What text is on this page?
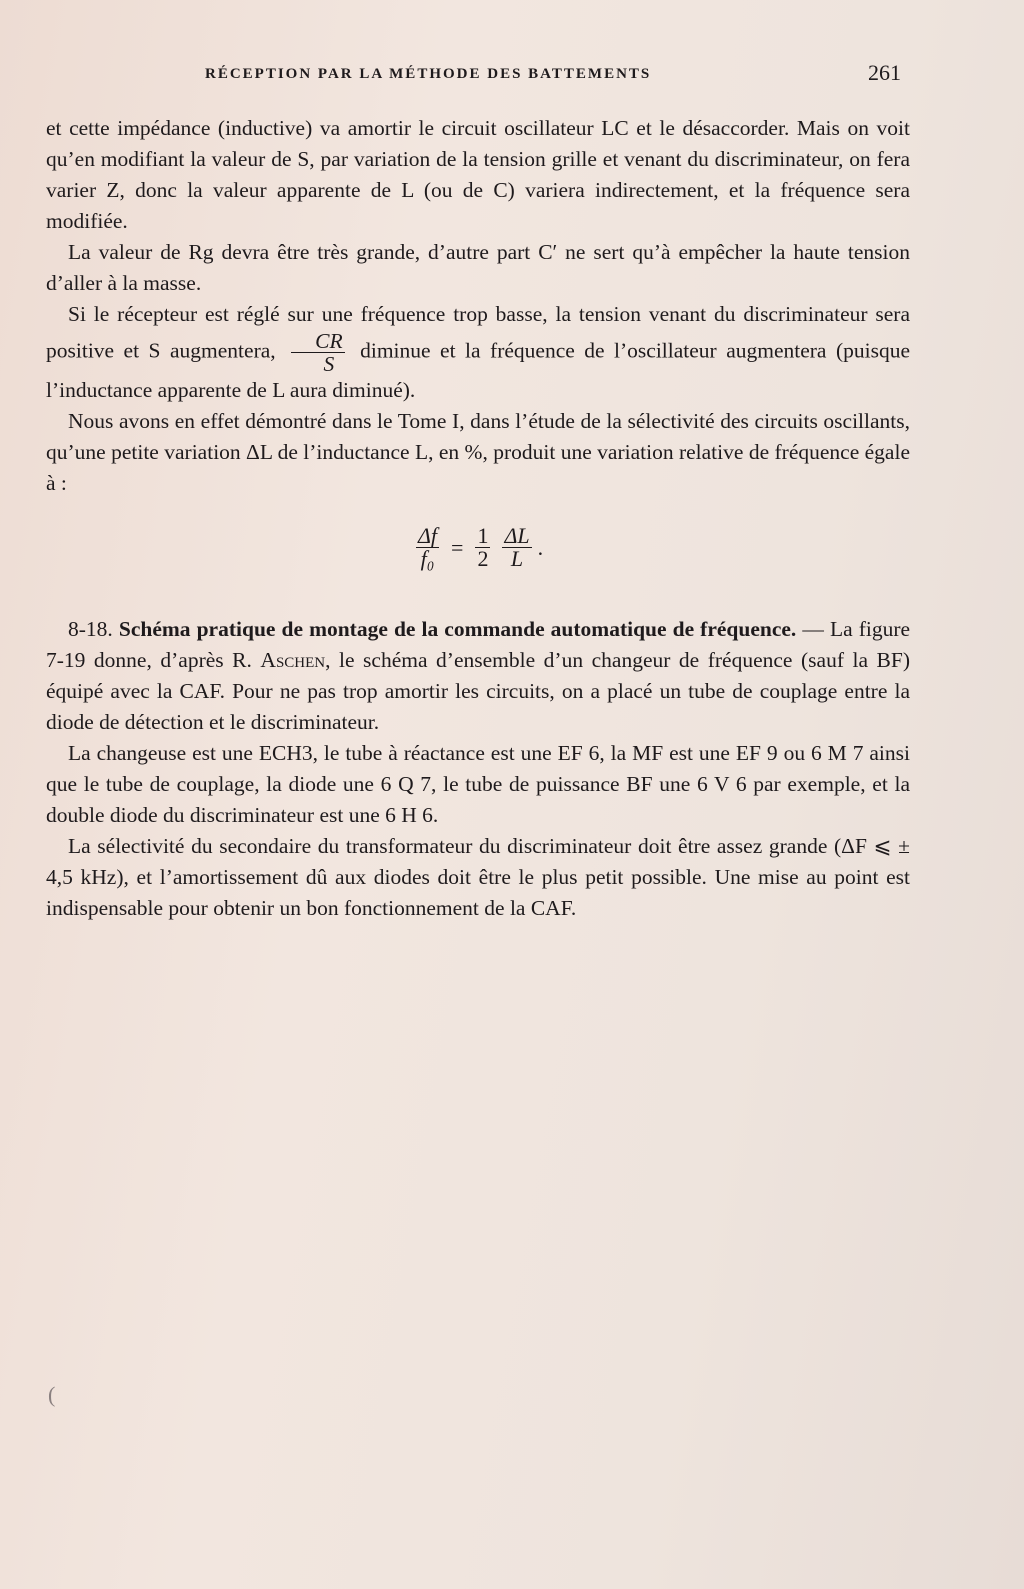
RÉCEPTION PAR LA MÉTHODE DES BATTEMENTS	261

et cette impédance (inductive) va amortir le circuit oscillateur LC et le désaccorder. Mais on voit qu’en modifiant la valeur de S, par variation de la tension grille et venant du discriminateur, on fera varier Z, donc la valeur apparente de L (ou de C) variera indirectement, et la fréquence sera modifiée.

La valeur de Rg devra être très grande, d’autre part C′ ne sert qu’à empêcher la haute tension d’aller à la masse.

Si le récepteur est réglé sur une fréquence trop basse, la tension venant du discriminateur sera positive et S augmentera, $\frac{CR}{S}$ diminue et la fréquence de l’oscillateur augmentera (puisque l’inductance apparente de L aura diminué).

Nous avons en effet démontré dans le Tome I, dans l’étude de la sélectivité des circuits oscillants, qu’une petite variation ΔL de l’inductance L, en %, produit une variation relative de fréquence égale à :

$\frac{\Delta f}{\text{f₀}} = \frac{1}{2} \frac{\Delta L}{L}$ .

8-18. Schéma pratique de montage de la commande automatique de fréquence. — La figure 7-19 donne, d’après R. Aschen, le schéma d’ensemble d’un changeur de fréquence (sauf la BF) équipé avec la CAF. Pour ne pas trop amortir les circuits, on a placé un tube de couplage entre la diode de détection et le discriminateur.

La changeuse est une ECH3, le tube à réactance est une EF 6, la MF est une EF 9 ou 6 M 7 ainsi que le tube de couplage, la diode une 6 Q 7, le tube de puissance BF une 6 V 6 par exemple, et la double diode du discriminateur est une 6 H 6.

La sélectivité du secondaire du transformateur du discriminateur doit être assez grande (ΔF ⩽ ± 4,5 kHz), et l’amortissement dû aux diodes doit être le plus petit possible. Une mise au point est indispensable pour obtenir un bon fonctionnement de la CAF.

(
